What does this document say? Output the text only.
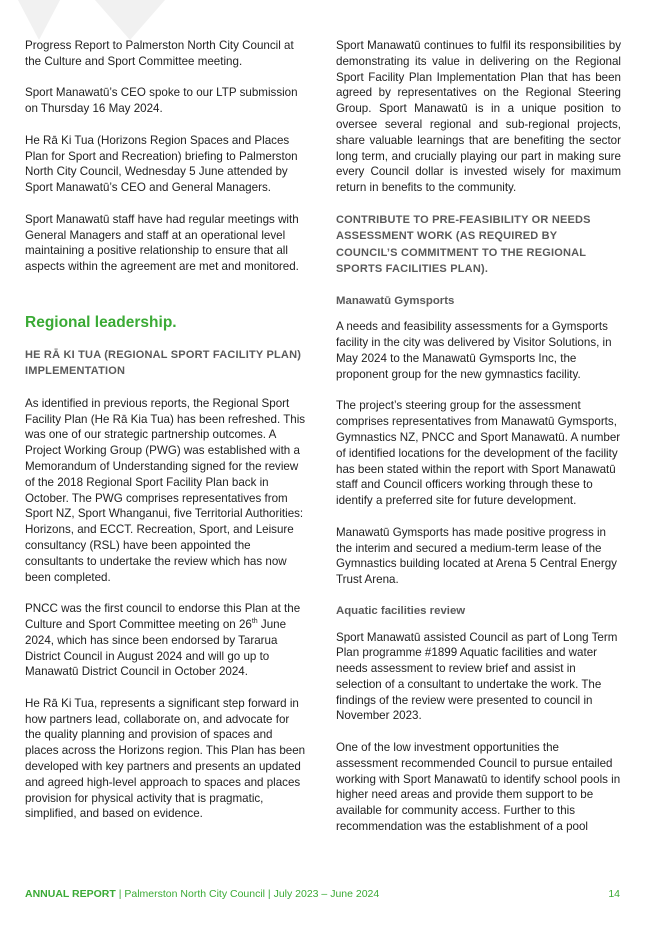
Progress Report to Palmerston North City Council at the Culture and Sport Committee meeting.

Sport Manawatū’s CEO spoke to our LTP submission on Thursday 16 May 2024.

He Rā Ki Tua (Horizons Region Spaces and Places Plan for Sport and Recreation) briefing to Palmerston North City Council, Wednesday 5 June attended by Sport Manawatū’s CEO and General Managers.

Sport Manawatū staff have had regular meetings with General Managers and staff at an operational level maintaining a positive relationship to ensure that all aspects within the agreement are met and monitored.

Regional leadership.
HE RĀ KI TUA (REGIONAL SPORT FACILITY PLAN) IMPLEMENTATION

As identified in previous reports, the Regional Sport Facility Plan (He Rā Kia Tua) has been refreshed. This was one of our strategic partnership outcomes. A Project Working Group (PWG) was established with a Memorandum of Understanding signed for the review of the 2018 Regional Sport Facility Plan back in October. The PWG comprises representatives from Sport NZ, Sport Whanganui, five Territorial Authorities: Horizons, and ECCT. Recreation, Sport, and Leisure consultancy (RSL) have been appointed the consultants to undertake the review which has now been completed.

PNCC was the first council to endorse this Plan at the Culture and Sport Committee meeting on 26th June 2024, which has since been endorsed by Tararua District Council in August 2024 and will go up to Manawatū District Council in October 2024.

He Rā Ki Tua, represents a significant step forward in how partners lead, collaborate on, and advocate for the quality planning and provision of spaces and places across the Horizons region. This Plan has been developed with key partners and presents an updated and agreed high-level approach to spaces and places provision for physical activity that is pragmatic, simplified, and based on evidence.

Sport Manawatū continues to fulfil its responsibilities by demonstrating its value in delivering on the Regional Sport Facility Plan Implementation Plan that has been agreed by representatives on the Regional Steering Group. Sport Manawatū is in a unique position to oversee several regional and sub-regional projects, share valuable learnings that are benefiting the sector long term, and crucially playing our part in making sure every Council dollar is invested wisely for maximum return in benefits to the community.

CONTRIBUTE TO PRE-FEASIBILITY OR NEEDS ASSESSMENT WORK (AS REQUIRED BY COUNCIL’S COMMITMENT TO THE REGIONAL SPORTS FACILITIES PLAN).
Manawatū Gymsports

A needs and feasibility assessments for a Gymsports facility in the city was delivered by Visitor Solutions, in May 2024 to the Manawatū Gymsports Inc, the proponent group for the new gymnastics facility.

The project’s steering group for the assessment comprises representatives from Manawatū Gymsports, Gymnastics NZ, PNCC and Sport Manawatū. A number of identified locations for the development of the facility has been stated within the report with Sport Manawatū staff and Council officers working through these to identify a preferred site for future development.

Manawatū Gymsports has made positive progress in the interim and secured a medium-term lease of the Gymnastics building located at Arena 5 Central Energy Trust Arena.

Aquatic facilities review

Sport Manawatū assisted Council as part of Long Term Plan programme #1899 Aquatic facilities and water needs assessment to review brief and assist in selection of a consultant to undertake the work. The findings of the review were presented to council in November 2023.

One of the low investment opportunities the assessment recommended Council to pursue entailed working with Sport Manawatū to identify school pools in higher need areas and provide them support to be available for community access. Further to this recommendation was the establishment of a pool

ANNUAL REPORT | Palmerston North City Council | July 2023 – June 2024	14
